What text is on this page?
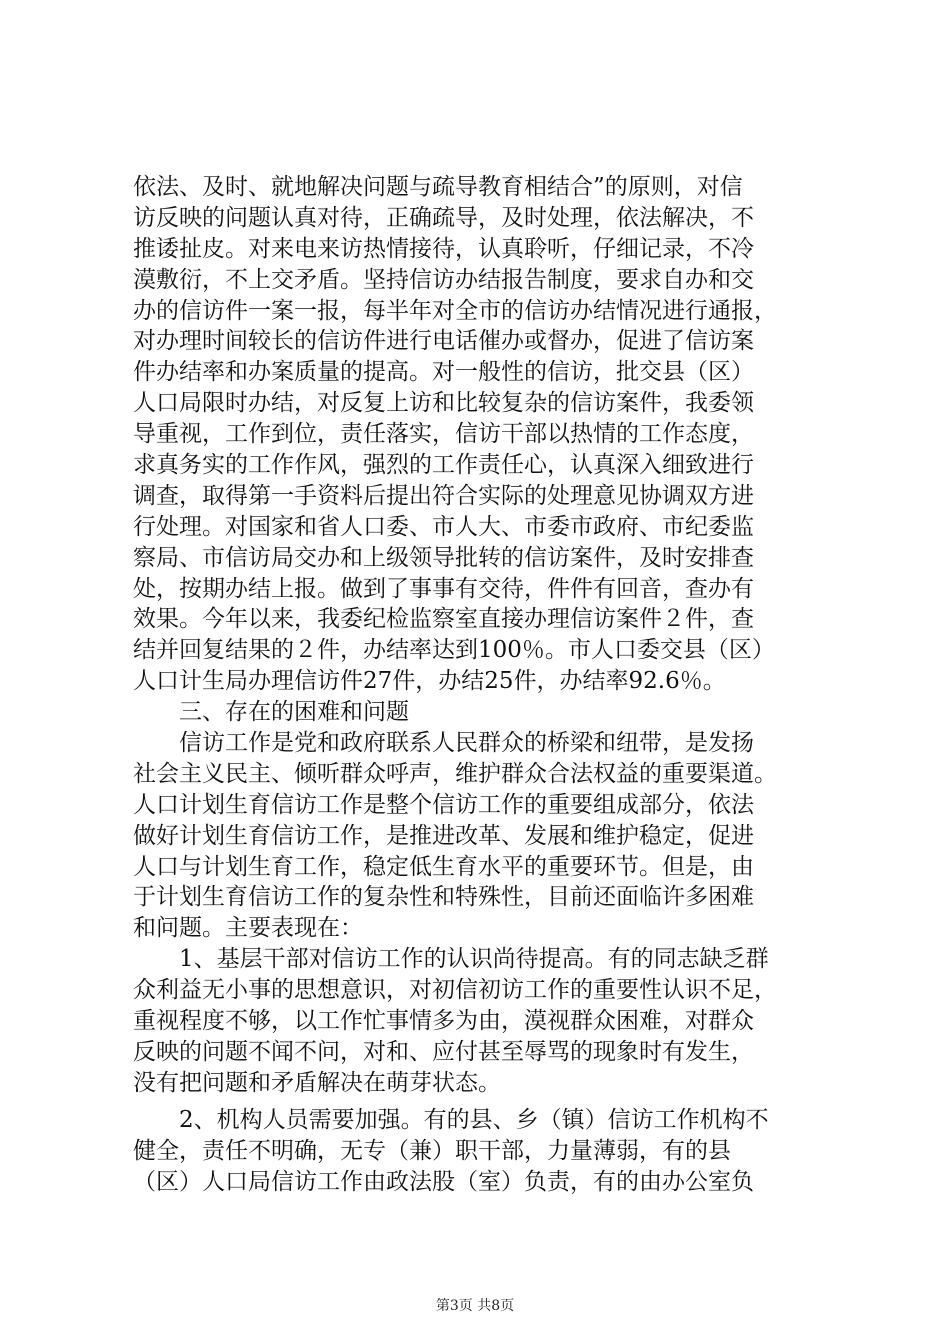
依法、及时、就地解决问题与疏导教育相结合”的原则，对信
访反映的问题认真对待，正确疏导，及时处理，依法解决，不
推诿扯皮。对来电来访热情接待，认真聆听，仔细记录，不冷
漠敷衍，不上交矛盾。坚持信访办结报告制度，要求自办和交
办的信访件一案一报，每半年对全市的信访办结情况进行通报，
对办理时间较长的信访件进行电话催办或督办，促进了信访案
件办结率和办案质量的提高。对一般性的信访，批交县（区）
人口局限时办结，对反复上访和比较复杂的信访案件，我委领
导重视，工作到位，责任落实，信访干部以热情的工作态度，
求真务实的工作作风，强烈的工作责任心，认真深入细致进行
调查，取得第一手资料后提出符合实际的处理意见协调双方进
行处理。对国家和省人口委、市人大、市委市政府、市纪委监
察局、市信访局交办和上级领导批转的信访案件，及时安排查
处，按期办结上报。做到了事事有交待，件件有回音，查办有
效果。今年以来，我委纪检监察室直接办理信访案件２件，查
结并回复结果的２件，办结率达到100％。市人口委交县（区）
人口计生局办理信访件27件，办结25件，办结率92.6％。
　　三、存在的困难和问题
　　信访工作是党和政府联系人民群众的桥梁和纽带，是发扬
社会主义民主、倾听群众呼声，维护群众合法权益的重要渠道。
人口计划生育信访工作是整个信访工作的重要组成部分，依法
做好计划生育信访工作，是推进改革、发展和维护稳定，促进
人口与计划生育工作，稳定低生育水平的重要环节。但是，由
于计划生育信访工作的复杂性和特殊性，目前还面临许多困难
和问题。主要表现在：
　　1、基层干部对信访工作的认识尚待提高。有的同志缺乏群
众利益无小事的思想意识，对初信初访工作的重要性认识不足，
重视程度不够，以工作忙事情多为由，漠视群众困难，对群众
反映的问题不闻不问，对和、应付甚至辱骂的现象时有发生，
没有把问题和矛盾解决在萌芽状态。
　　2、机构人员需要加强。有的县、乡（镇）信访工作机构不
健全，责任不明确，无专（兼）职干部，力量薄弱，有的县
（区）人口局信访工作由政法股（室）负责，有的由办公室负
第3页 共8页
